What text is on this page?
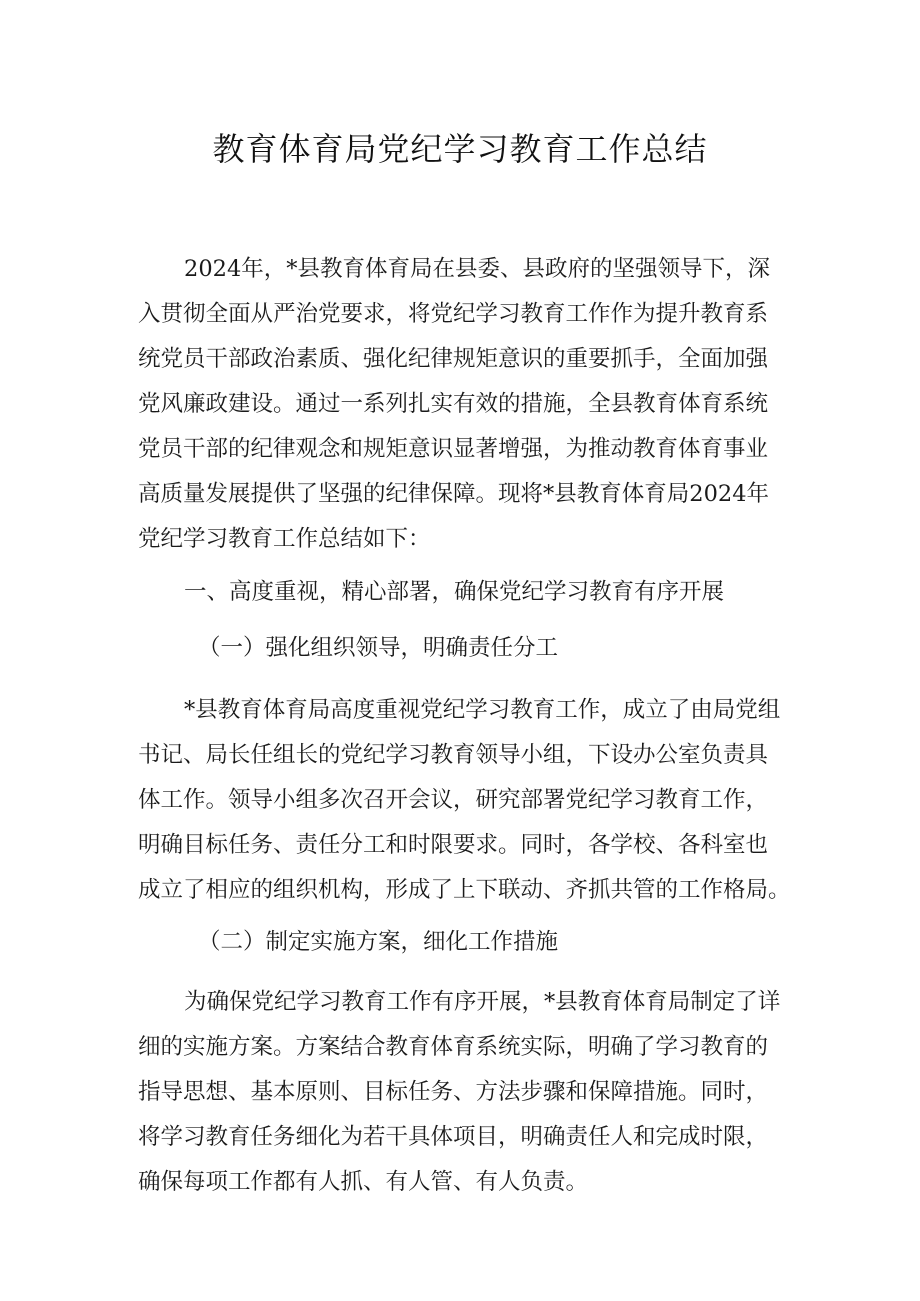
教育体育局党纪学习教育工作总结
2024年，*县教育体育局在县委、县政府的坚强领导下，深
入贯彻全面从严治党要求，将党纪学习教育工作作为提升教育系
统党员干部政治素质、强化纪律规矩意识的重要抓手，全面加强
党风廉政建设。通过一系列扎实有效的措施，全县教育体育系统
党员干部的纪律观念和规矩意识显著增强，为推动教育体育事业
高质量发展提供了坚强的纪律保障。现将*县教育体育局2024年
党纪学习教育工作总结如下：
一、高度重视，精心部署，确保党纪学习教育有序开展
（一）强化组织领导，明确责任分工
*县教育体育局高度重视党纪学习教育工作，成立了由局党组
书记、局长任组长的党纪学习教育领导小组，下设办公室负责具
体工作。领导小组多次召开会议，研究部署党纪学习教育工作，
明确目标任务、责任分工和时限要求。同时，各学校、各科室也
成立了相应的组织机构，形成了上下联动、齐抓共管的工作格局。
（二）制定实施方案，细化工作措施
为确保党纪学习教育工作有序开展，*县教育体育局制定了详
细的实施方案。方案结合教育体育系统实际，明确了学习教育的
指导思想、基本原则、目标任务、方法步骤和保障措施。同时，
将学习教育任务细化为若干具体项目，明确责任人和完成时限，
确保每项工作都有人抓、有人管、有人负责。
